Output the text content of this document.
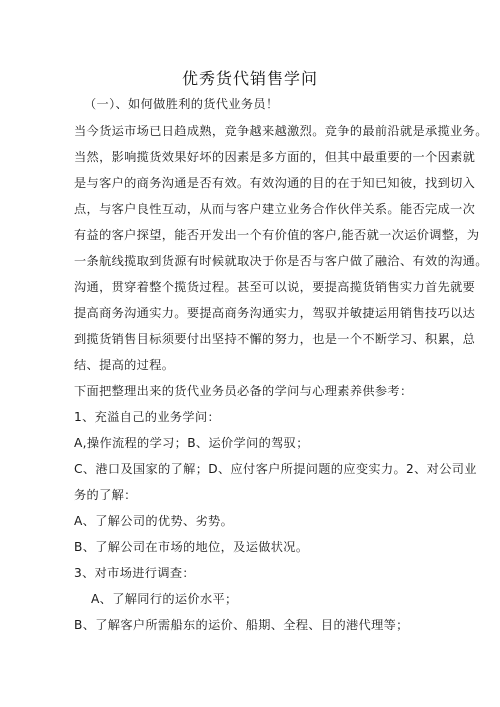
优秀货代销售学问
（一）、如何做胜利的货代业务员！
当今货运市场已日趋成熟，竞争越来越激烈。竞争的最前沿就是承揽业务。
当然，影响揽货效果好坏的因素是多方面的，但其中最重要的一个因素就
是与客户的商务沟通是否有效。有效沟通的目的在于知已知彼，找到切入
点，与客户良性互动，从而与客户建立业务合作伙伴关系。能否完成一次
有益的客户探望，能否开发出一个有价值的客户,能否就一次运价调整，为
一条航线揽取到货源有时候就取决于你是否与客户做了融洽、有效的沟通。
沟通，贯穿着整个揽货过程。甚至可以说，要提高揽货销售实力首先就要
提高商务沟通实力。要提高商务沟通实力，驾驭并敏捷运用销售技巧以达
到揽货销售目标须要付出坚持不懈的努力，也是一个不断学习、积累，总
结、提高的过程。
下面把整理出来的货代业务员必备的学问与心理素养供参考：
1、充溢自己的业务学问：
A,操作流程的学习；B、运价学问的驾驭；
C、港口及国家的了解；D、应付客户所提问题的应变实力。2、对公司业
务的了解：
A、了解公司的优势、劣势。
B、了解公司在市场的地位，及运做状况。
3、对市场进行调查：
A、了解同行的运价水平；
B、了解客户所需船东的运价、船期、全程、目的港代理等；
